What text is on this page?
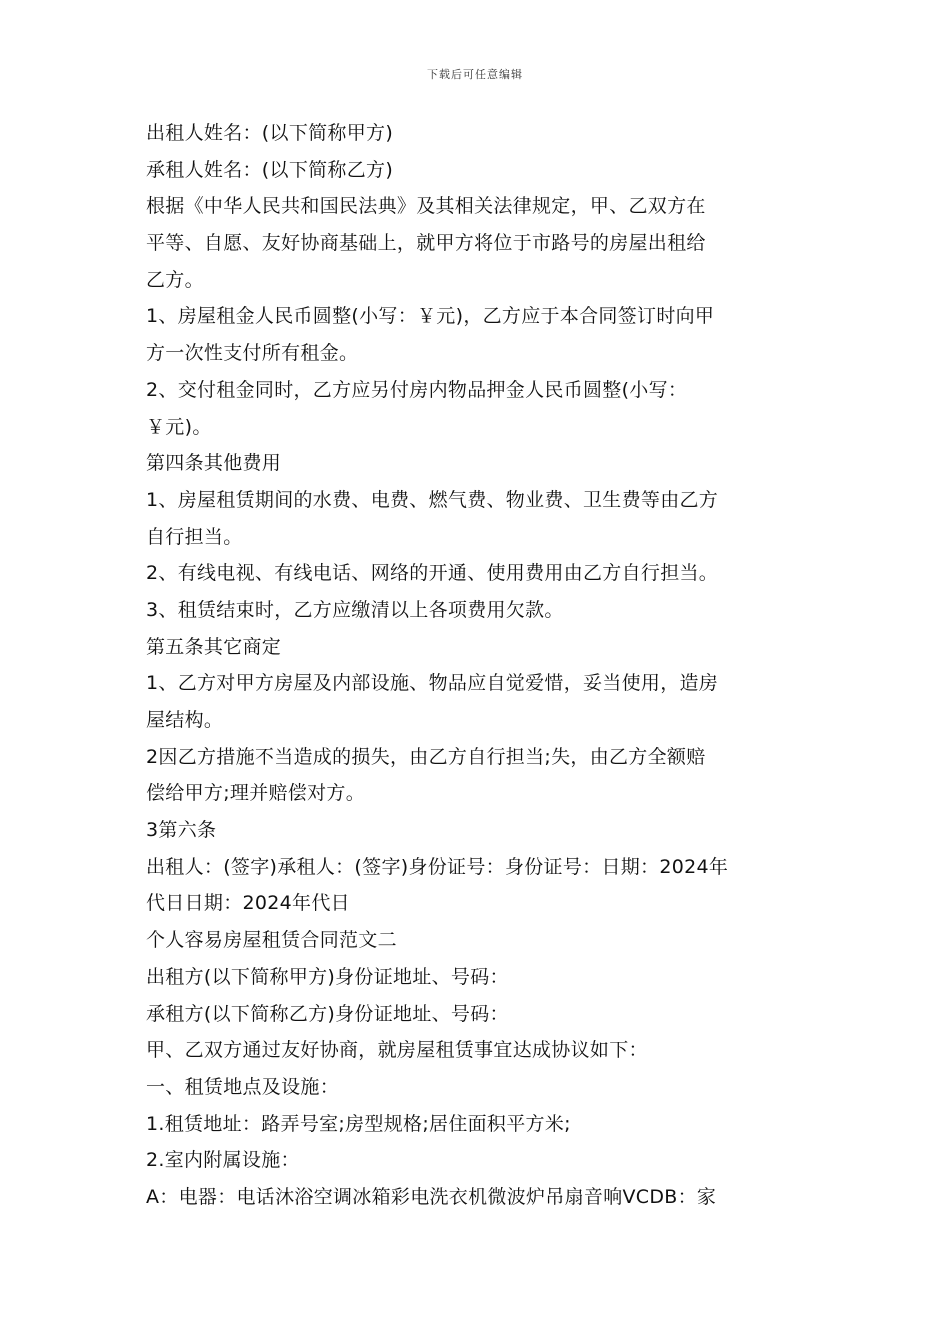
下载后可任意编辑
出租人姓名：(以下简称甲方)
承租人姓名：(以下简称乙方)
根据《中华人民共和国民法典》及其相关法律规定，甲、乙双方在
平等、自愿、友好协商基础上，就甲方将位于市路号的房屋出租给
乙方。
1、房屋租金人民币圆整(小写：￥元)，乙方应于本合同签订时向甲
方一次性支付所有租金。
2、交付租金同时，乙方应另付房内物品押金人民币圆整(小写：
￥元)。
第四条其他费用
1、房屋租赁期间的水费、电费、燃气费、物业费、卫生费等由乙方
自行担当。
2、有线电视、有线电话、网络的开通、使用费用由乙方自行担当。
3、租赁结束时，乙方应缴清以上各项费用欠款。
第五条其它商定
1、乙方对甲方房屋及内部设施、物品应自觉爱惜，妥当使用，造房
屋结构。
2因乙方措施不当造成的损失，由乙方自行担当;失，由乙方全额赔
偿给甲方;理并赔偿对方。
3第六条
出租人：(签字)承租人：(签字)身份证号：身份证号：日期：2024年
代日日期：2024年代日
个人容易房屋租赁合同范文二
出租方(以下简称甲方)身份证地址、号码：
承租方(以下简称乙方)身份证地址、号码：
甲、乙双方通过友好协商，就房屋租赁事宜达成协议如下：
一、租赁地点及设施：
1.租赁地址：路弄号室;房型规格;居住面积平方米;
2.室内附属设施：
A：电器：电话沐浴空调冰箱彩电洗衣机微波炉吊扇音响VCDB：家
